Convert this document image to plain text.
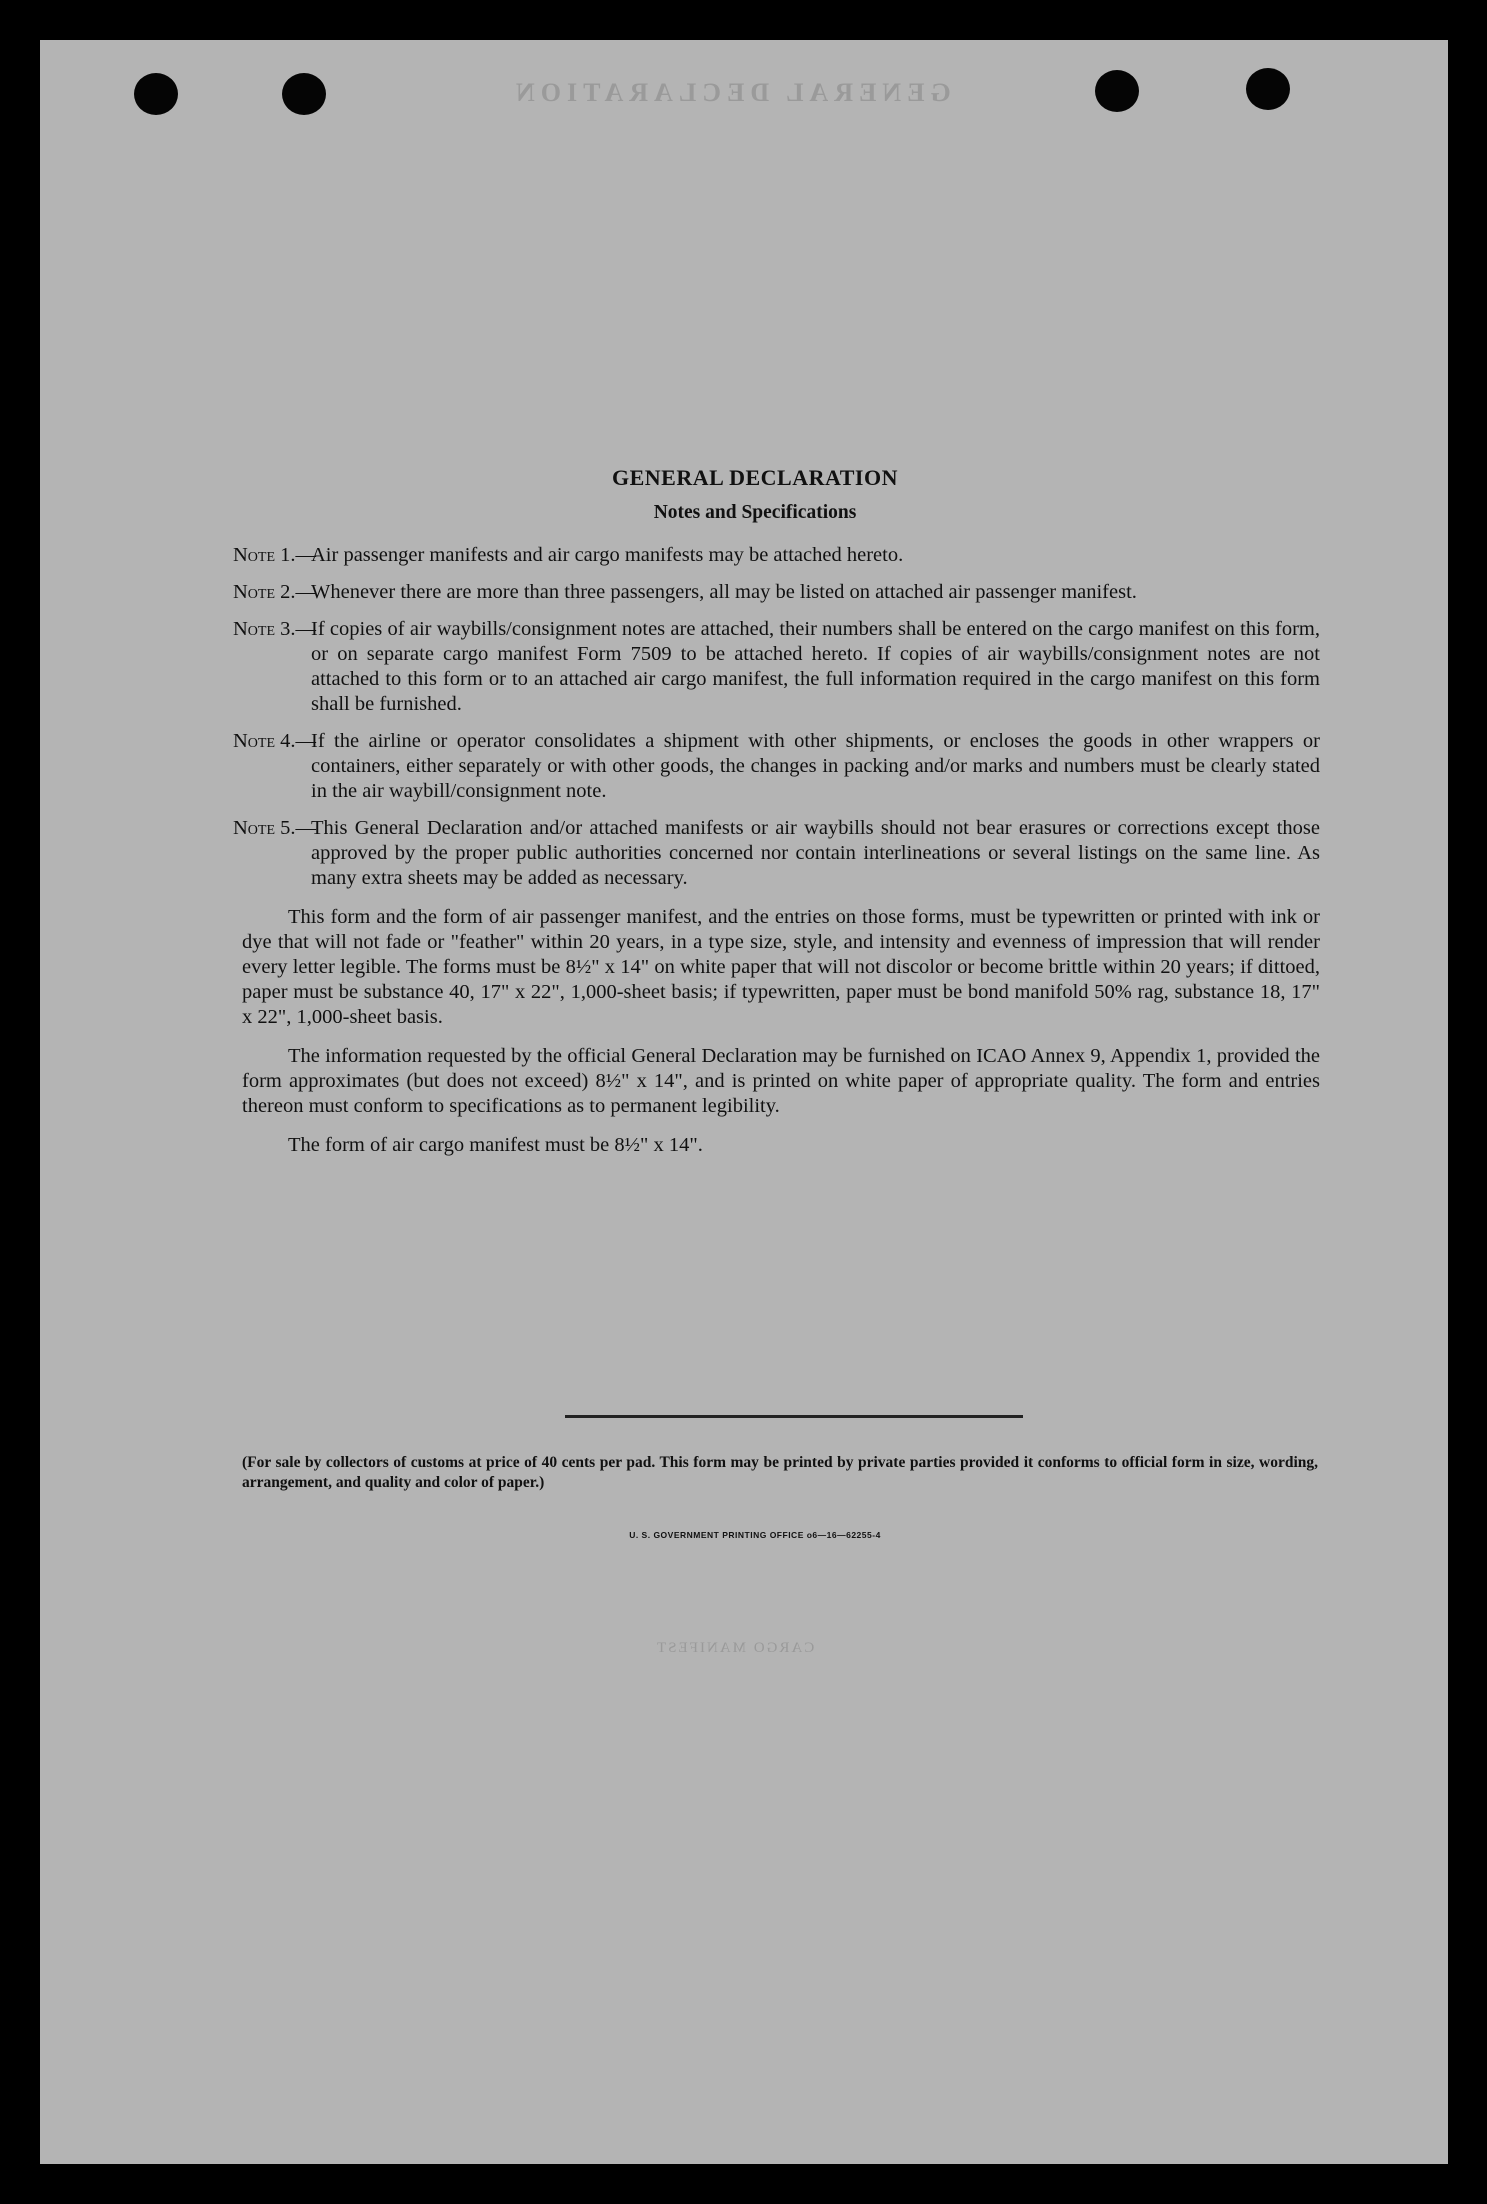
GENERAL DECLARATION
CARGO MANIFEST
GENERAL DECLARATION
Notes and Specifications
Note 1.—
Air passenger manifests and air cargo manifests may be attached hereto.
Note 2.—
Whenever there are more than three passengers, all may be listed on attached air passenger manifest.
Note 3.—
If copies of air waybills/consignment notes are attached, their numbers shall be entered on the cargo manifest on this form, or on separate cargo manifest Form 7509 to be attached hereto. If copies of air waybills/consignment notes are not attached to this form or to an attached air cargo manifest, the full information required in the cargo manifest on this form shall be furnished.
Note 4.—
If the airline or operator consolidates a shipment with other shipments, or encloses the goods in other wrappers or containers, either separately or with other goods, the changes in packing and/or marks and numbers must be clearly stated in the air waybill/consignment note.
Note 5.—
This General Declaration and/or attached manifests or air waybills should not bear erasures or corrections except those approved by the proper public authorities concerned nor contain interlineations or several listings on the same line. As many extra sheets may be added as necessary.

This form and the form of air passenger manifest, and the entries on those forms, must be typewritten or printed with ink or dye that will not fade or "feather" within 20 years, in a type size, style, and intensity and evenness of impression that will render every letter legible. The forms must be 8½" x 14" on white paper that will not discolor or become brittle within 20 years; if dittoed, paper must be substance 40, 17" x 22", 1,000-sheet basis; if typewritten, paper must be bond manifold 50% rag, substance 18, 17" x 22", 1,000-sheet basis.

The information requested by the official General Declaration may be furnished on ICAO Annex 9, Appendix 1, provided the form approximates (but does not exceed) 8½" x 14", and is printed on white paper of appropriate quality. The form and entries thereon must conform to specifications as to permanent legibility.

The form of air cargo manifest must be 8½" x 14".

(For sale by collectors of customs at price of 40 cents per pad. This form may be printed by private parties provided it conforms to official form in size, wording, arrangement, and quality and color of paper.)
U. S. GOVERNMENT PRINTING OFFICE o6—16—62255-4
